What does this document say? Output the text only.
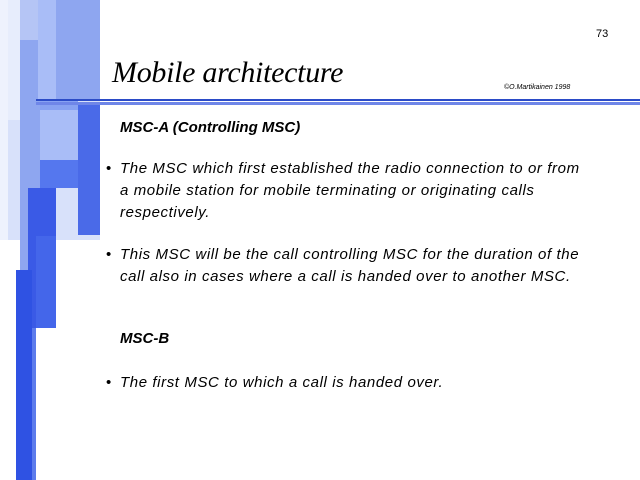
73
Mobile architecture	©O.Martikainen 1998
MSC-A (Controlling MSC)
• The MSC which first established the radio connection to or from a mobile station for mobile terminating or originating calls respectively.
• This MSC will be the call controlling MSC for the duration of the call also in cases where a call is handed over to another MSC.
MSC-B
• The first MSC to which a call is handed over.
